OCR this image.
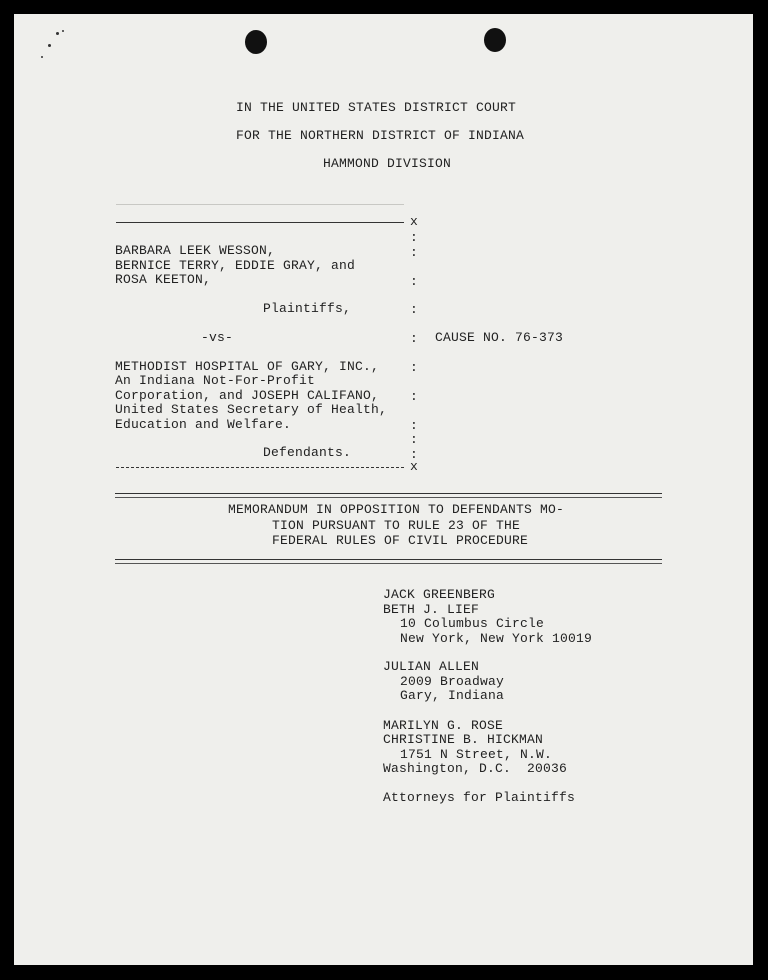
IN THE UNITED STATES DISTRICT COURT
FOR THE NORTHERN DISTRICT OF INDIANA
HAMMOND DIVISION
x
:
:
:
:
:
:
:
:
:
:
BARBARA LEEK WESSON,
BERNICE TERRY, EDDIE GRAY, and
ROSA KEETON,
Plaintiffs,
-vs-	CAUSE NO. 76-373
METHODIST HOSPITAL OF GARY, INC.,
An Indiana Not-For-Profit
Corporation, and JOSEPH CALIFANO,
United States Secretary of Health,
Education and Welfare.
Defendants.
x
MEMORANDUM IN OPPOSITION TO DEFENDANTS MO-
TION PURSUANT TO RULE 23 OF THE
FEDERAL RULES OF CIVIL PROCEDURE
JACK GREENBERG
BETH J. LIEF
10 Columbus Circle
New York, New York 10019
JULIAN ALLEN
2009 Broadway
Gary, Indiana
MARILYN G. ROSE
CHRISTINE B. HICKMAN
1751 N Street, N.W.
Washington, D.C.  20036
Attorneys for Plaintiffs
